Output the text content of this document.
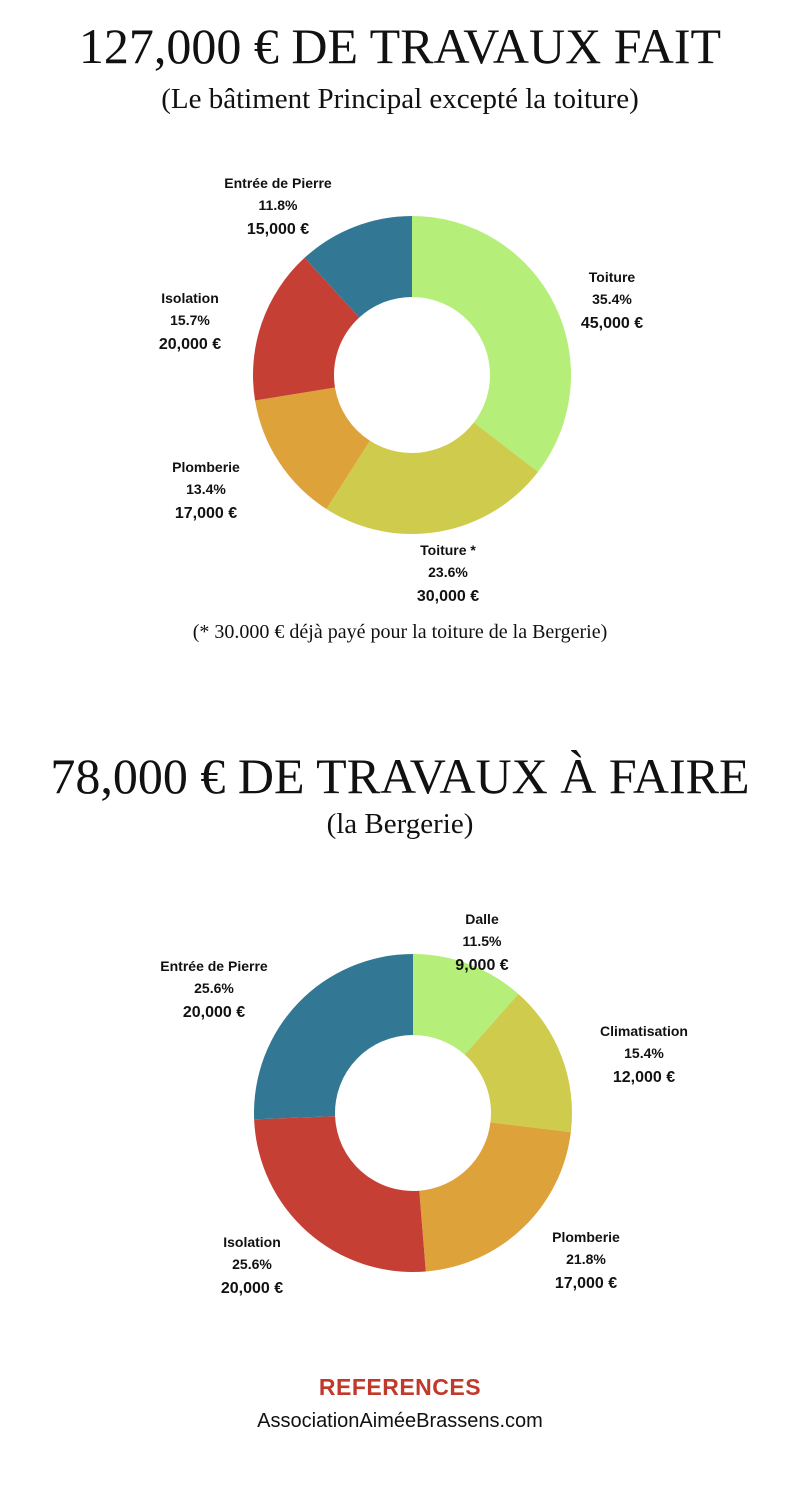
127,000 € DE TRAVAUX FAIT
(Le bâtiment Principal excepté la toiture)
Toiture
35.4%
45,000 €
Toiture *
23.6%
30,000 €
Plomberie
13.4%
17,000 €
Isolation
15.7%
20,000 €
Entrée de Pierre
11.8%
15,000 €
(* 30.000 € déjà payé pour la toiture de la Bergerie)
78,000 € DE TRAVAUX À FAIRE
(la Bergerie)
Dalle
11.5%
9,000 €
Climatisation
15.4%
12,000 €
Plomberie
21.8%
17,000 €
Isolation
25.6%
20,000 €
Entrée de Pierre
25.6%
20,000 €
REFERENCES
AssociationAiméeBrassens.com
